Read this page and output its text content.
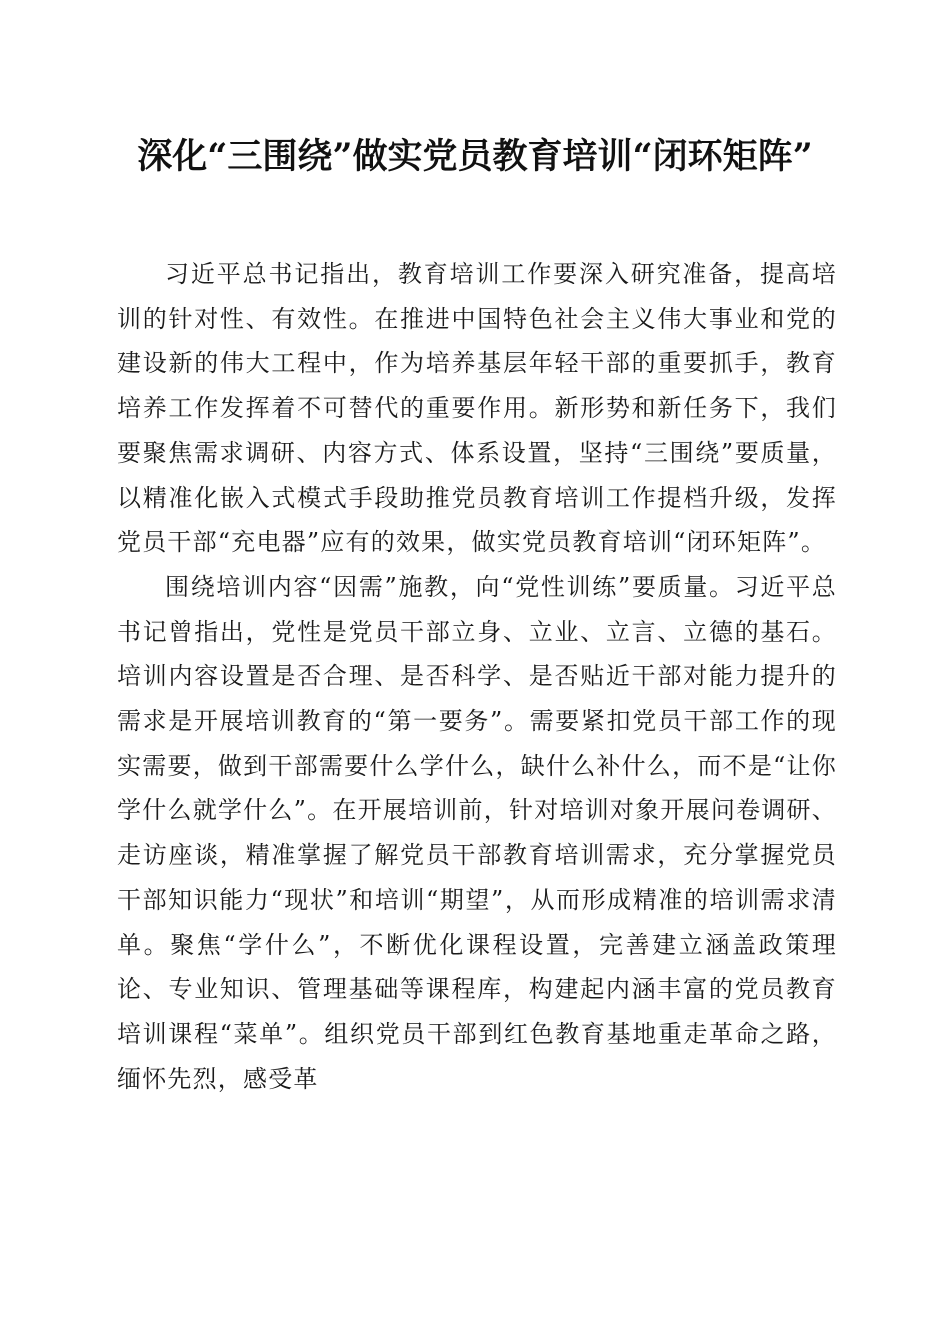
深化“三围绕”做实党员教育培训“闭环矩阵”

习近平总书记指出，教育培训工作要深入研究准备，提高培训的针对性、有效性。在推进中国特色社会主义伟大事业和党的建设新的伟大工程中，作为培养基层年轻干部的重要抓手，教育培养工作发挥着不可替代的重要作用。新形势和新任务下，我们要聚焦需求调研、内容方式、体系设置，坚持“三围绕”要质量，以精准化嵌入式模式手段助推党员教育培训工作提档升级，发挥党员干部“充电器”应有的效果，做实党员教育培训“闭环矩阵”。

围绕培训内容“因需”施教，向“党性训练”要质量。习近平总书记曾指出，党性是党员干部立身、立业、立言、立德的基石。培训内容设置是否合理、是否科学、是否贴近干部对能力提升的需求是开展培训教育的“第一要务”。需要紧扣党员干部工作的现实需要，做到干部需要什么学什么，缺什么补什么，而不是“让你学什么就学什么”。在开展培训前，针对培训对象开展问卷调研、走访座谈，精准掌握了解党员干部教育培训需求，充分掌握党员干部知识能力“现状”和培训“期望”，从而形成精准的培训需求清单。聚焦“学什么”，不断优化课程设置，完善建立涵盖政策理论、专业知识、管理基础等课程库，构建起内涵丰富的党员教育培训课程“菜单”。组织党员干部到红色教育基地重走革命之路，缅怀先烈，感受革
